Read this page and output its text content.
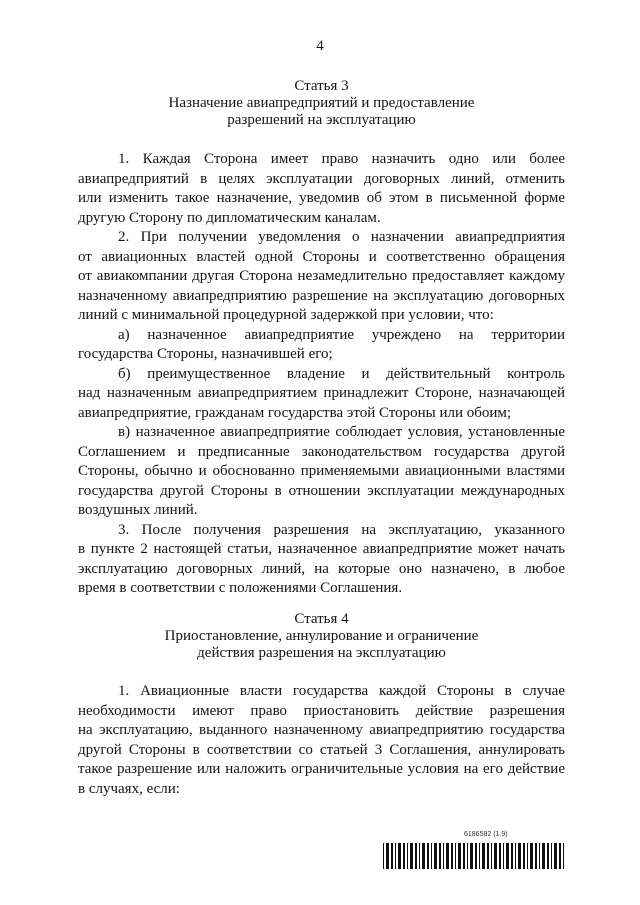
4
Статья 3
Назначение авиапредприятий и предоставление
разрешений на эксплуатацию
1. Каждая Сторона имеет право назначить одно или более
авиапредприятий в целях эксплуатации договорных линий, отменить
или изменить такое назначение, уведомив об этом в письменной форме
другую Сторону по дипломатическим каналам.
2. При получении уведомления о назначении авиапредприятия
от авиационных властей одной Стороны и соответственно обращения
от авиакомпании другая Сторона незамедлительно предоставляет каждому
назначенному авиапредприятию разрешение на эксплуатацию договорных
линий с минимальной процедурной задержкой при условии, что:
а) назначенное авиапредприятие учреждено на территории
государства Стороны, назначившей его;
б) преимущественное владение и действительный контроль
над назначенным авиапредприятием принадлежит Стороне, назначающей
авиапредприятие, гражданам государства этой Стороны или обоим;
в) назначенное авиапредприятие соблюдает условия, установленные
Соглашением и предписанные законодательством государства другой
Стороны, обычно и обоснованно применяемыми авиационными властями
государства другой Стороны в отношении эксплуатации международных
воздушных линий.
3. После получения разрешения на эксплуатацию, указанного
в пункте 2 настоящей статьи, назначенное авиапредприятие может начать
эксплуатацию договорных линий, на которые оно назначено, в любое
время в соответствии с положениями Соглашения.
Статья 4
Приостановление, аннулирование и ограничение
действия разрешения на эксплуатацию
1. Авиационные власти государства каждой Стороны в случае
необходимости имеют право приостановить действие разрешения
на эксплуатацию, выданного назначенному авиапредприятию государства
другой Стороны в соответствии со статьей 3 Соглашения, аннулировать
такое разрешение или наложить ограничительные условия на его действие
в случаях, если:
6186582 (1.9)
